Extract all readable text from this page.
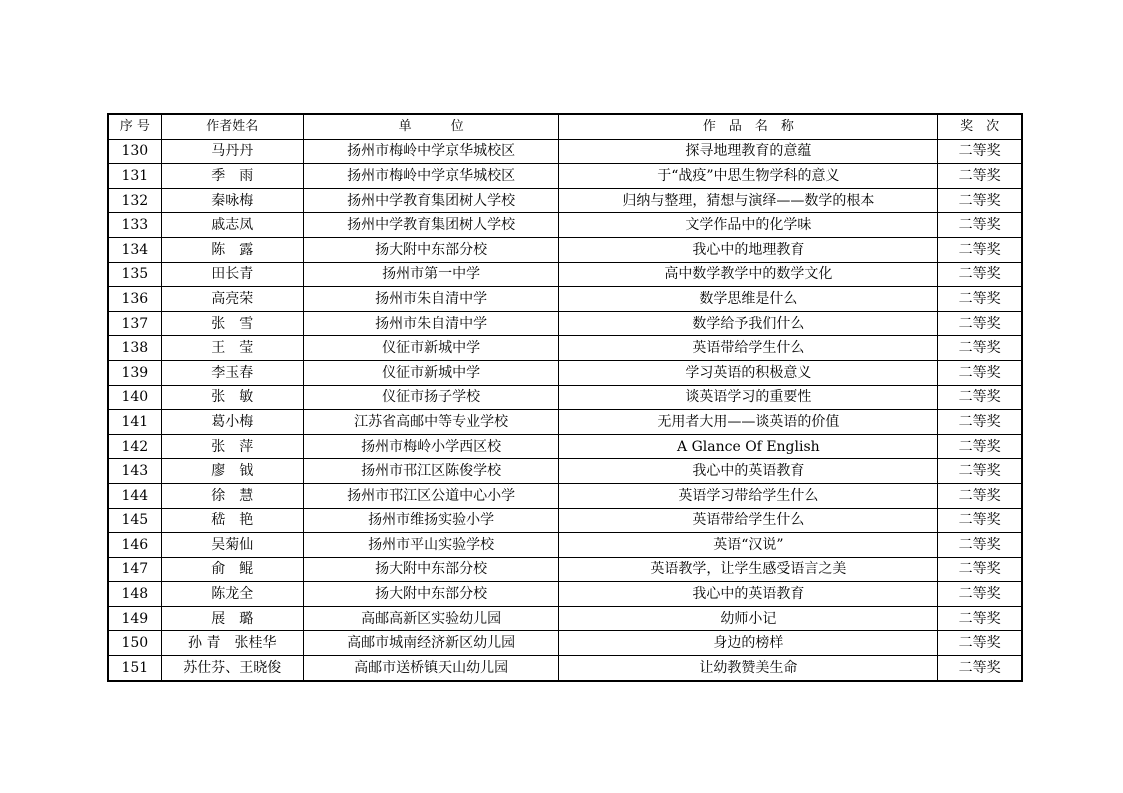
序 号	作者姓名	单　　　位	作　品　名　称	奖　次
130	马丹丹	扬州市梅岭中学京华城校区	探寻地理教育的意蕴	二等奖
131	季　雨	扬州市梅岭中学京华城校区	于“战疫”中思生物学科的意义	二等奖
132	秦咏梅	扬州中学教育集团树人学校	归纳与整理，猜想与演绎——数学的根本	二等奖
133	戚志凤	扬州中学教育集团树人学校	文学作品中的化学味	二等奖
134	陈　露	扬大附中东部分校	我心中的地理教育	二等奖
135	田长青	扬州市第一中学	高中数学教学中的数学文化	二等奖
136	高亮荣	扬州市朱自清中学	数学思维是什么	二等奖
137	张　雪	扬州市朱自清中学	数学给予我们什么	二等奖
138	王　莹	仪征市新城中学	英语带给学生什么	二等奖
139	李玉春	仪征市新城中学	学习英语的积极意义	二等奖
140	张　敏	仪征市扬子学校	谈英语学习的重要性	二等奖
141	葛小梅	江苏省高邮中等专业学校	无用者大用——谈英语的价值	二等奖
142	张　萍	扬州市梅岭小学西区校	A Glance Of English	二等奖
143	廖　钺	扬州市邗江区陈俊学校	我心中的英语教育	二等奖
144	徐　慧	扬州市邗江区公道中心小学	英语学习带给学生什么	二等奖
145	嵇　艳	扬州市维扬实验小学	英语带给学生什么	二等奖
146	吴菊仙	扬州市平山实验学校	英语“汉说”	二等奖
147	俞　鲲	扬大附中东部分校	英语教学，让学生感受语言之美	二等奖
148	陈龙全	扬大附中东部分校	我心中的英语教育	二等奖
149	展　璐	高邮高新区实验幼儿园	幼师小记	二等奖
150	孙 青　张桂华	高邮市城南经济新区幼儿园	身边的榜样	二等奖
151	苏仕芬、王晓俊	高邮市送桥镇天山幼儿园	让幼教赞美生命	二等奖
